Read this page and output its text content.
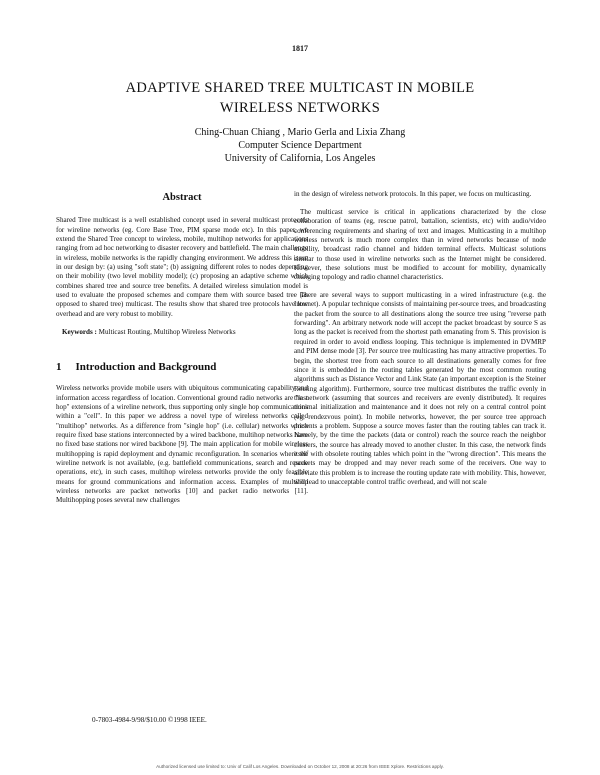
1817
ADAPTIVE SHARED TREE MULTICAST IN MOBILE
WIRELESS NETWORKS
Ching-Chuan Chiang , Mario Gerla and Lixia Zhang
Computer Science Department
University of California, Los Angeles
Abstract

Shared Tree multicast is a well established concept used in several multicast protocols for wireline networks (eg. Core Base Tree, PIM sparse mode etc). In this paper, we extend the Shared Tree concept to wireless, mobile, multihop networks for applications ranging from ad hoc networking to disaster recovery and battlefield. The main challenge in wireless, mobile networks is the rapidly changing environment. We address this issue in our design by: (a) using "soft state"; (b) assigning different roles to nodes depending on their mobility (two level mobility model); (c) proposing an adaptive scheme which combines shared tree and source tree benefits. A detailed wireless simulation model is used to evaluate the proposed schemes and compare them with source based tree (as opposed to shared tree) multicast. The results show that shared tree protocols have low overhead and are very robust to mobility.

Keywords : Multicast Routing, Multihop Wireless Networks

1 Introduction and Background

Wireless networks provide mobile users with ubiquitous communicating capability and information access regardless of location. Conventional ground radio networks are "last hop" extensions of a wireline network, thus supporting only single hop communications within a "cell". In this paper we address a novel type of wireless networks called "multihop" networks. As a difference from "single hop" (i.e. cellular) networks which require fixed base stations interconnected by a wired backbone, multihop networks have no fixed base stations nor wired backbone [9]. The main application for mobile wireless multihopping is rapid deployment and dynamic reconfiguration. In scenarios where the wireline network is not available, (e.g. battlefield communications, search and rescue operations, etc), in such cases, multihop wireless networks provide the only feasible means for ground communications and information access. Examples of multihop wireless networks are packet networks [10] and packet radio networks [11]. Multihopping poses several new challenges

in the design of wireless network protocols. In this paper, we focus on multicasting.

The multicast service is critical in applications characterized by the close collaboration of teams (eg, rescue patrol, battalion, scientists, etc) with audio/video conferencing requirements and sharing of text and images. Multicasting in a multihop wireless network is much more complex than in wired networks because of node mobility, broadcast radio channel and hidden terminal effects. Multicast solutions similar to those used in wireline networks such as the Internet might be considered. However, these solutions must be modified to account for mobility, dynamically changing topology and radio channel characteristics.

There are several ways to support multicasting in a wired infrastructure (e.g. the Internet). A popular technique consists of maintaining per-source trees, and broadcasting the packet from the source to all destinations along the source tree using "reverse path forwarding". An arbitrary network node will accept the packet broadcast by source S as long as the packet is received from the shortest path emanating from S. This provision is required in order to avoid endless looping. This technique is implemented in DVMRP and PIM dense mode [3]. Per source tree multicasting has many attractive properties. To begin, the shortest tree from each source to all destinations generally comes for free since it is embedded in the routing tables generated by the most common routing algorithms such as Distance Vector and Link State (an important exception is the Steiner Routing algorithm). Furthermore, source tree multicast distributes the traffic evenly in the network (assuming that sources and receivers are evenly distributed). It requires minimal initialization and maintenance and it does not rely on a central control point (eg, rendezvous point). In mobile networks, however, the per source tree approach presents a problem. Suppose a source moves faster than the routing tables can track it. Namely, by the time the packets (data or control) reach the source reach the neighbor clusters, the source has already moved to another cluster. In this case, the network finds itself with obsolete routing tables which point in the "wrong direction". This means the packets may be dropped and may never reach some of the receivers. One way to alleviate this problem is to increase the routing update rate with mobility. This, however, will lead to unacceptable control traffic overhead, and will not scale

0-7803-4984-9/98/$10.00 ©1998 IEEE.
Authorized licensed use limited to: Univ of Calif Los Angeles. Downloaded on October 12, 2008 at 20:26 from IEEE Xplore. Restrictions apply.
